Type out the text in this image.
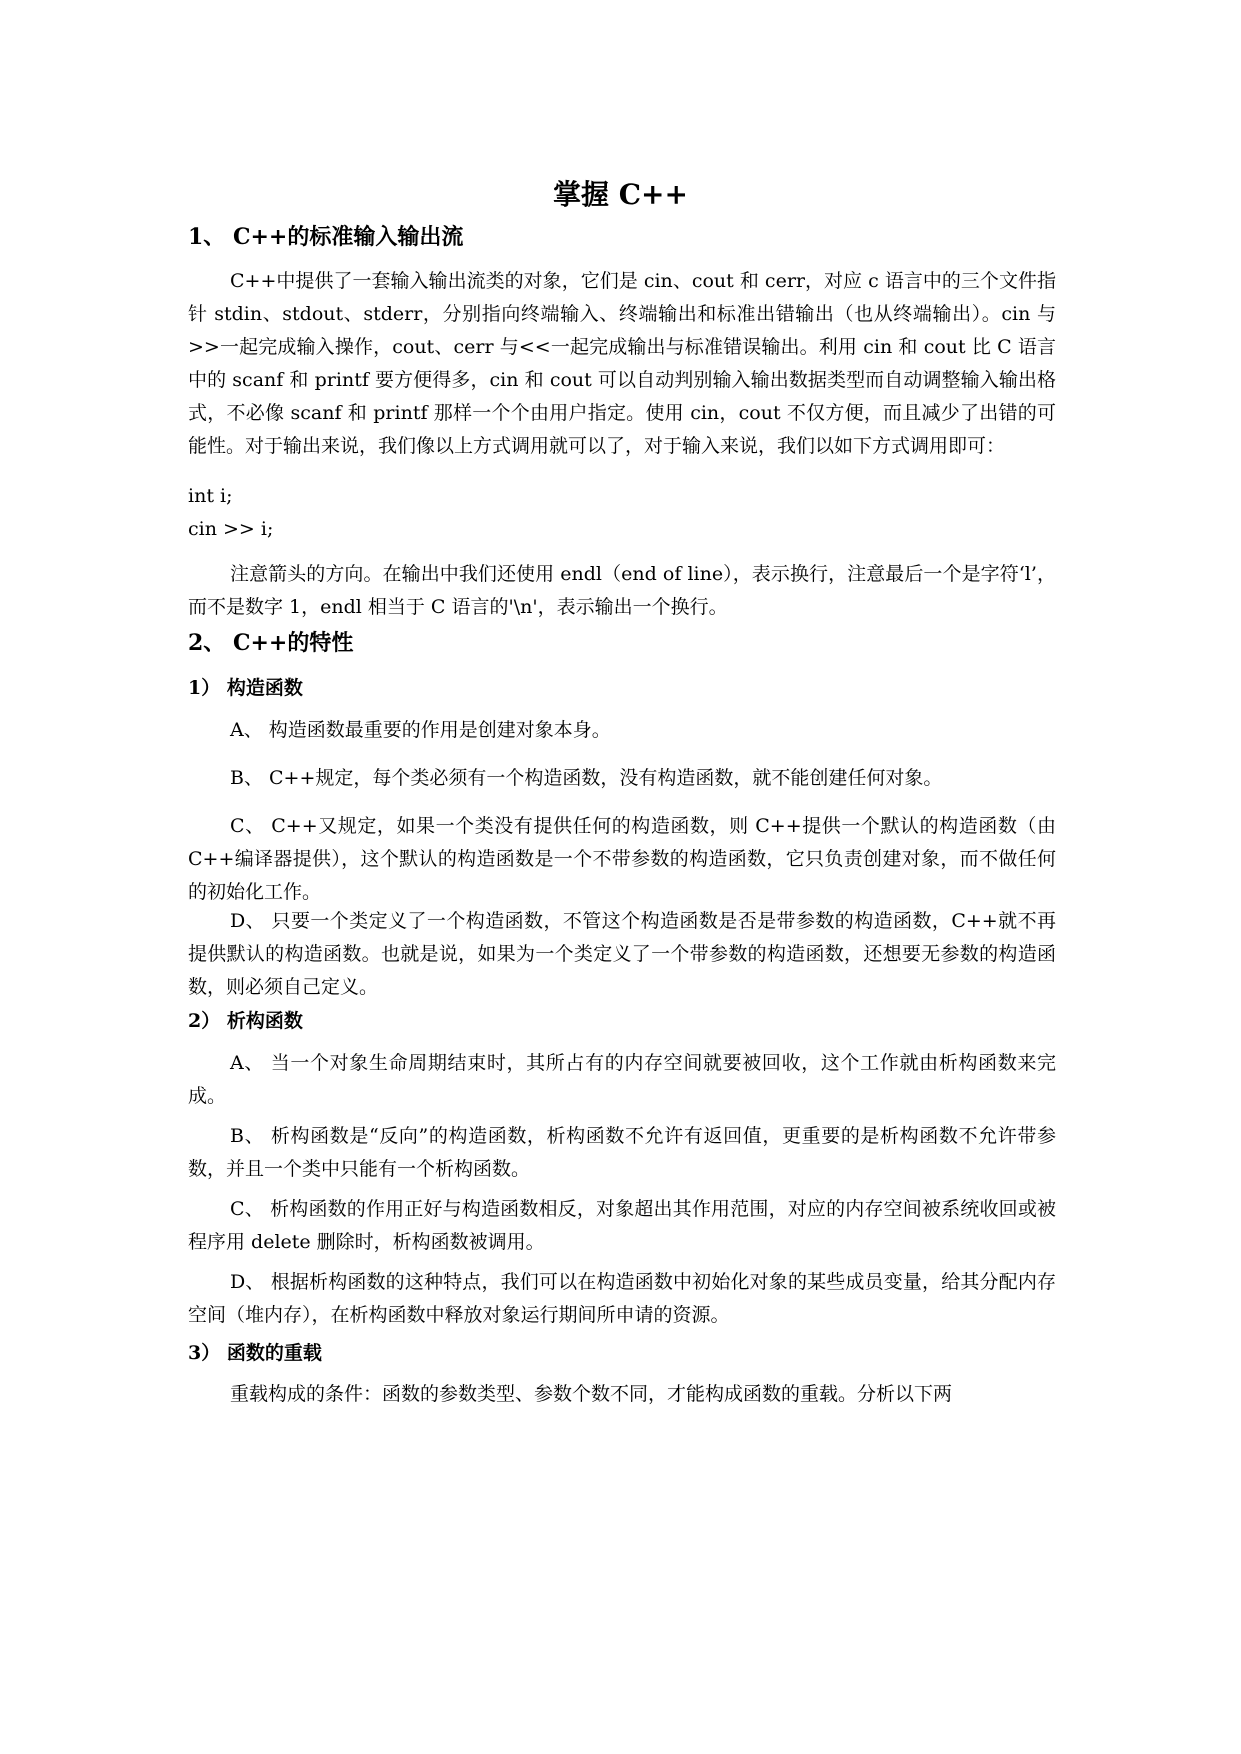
掌握 C++
1、 C++的标准输入输出流

C++中提供了一套输入输出流类的对象，它们是 cin、cout 和 cerr，对应 c 语言中的三个文件指针 stdin、stdout、stderr，分别指向终端输入、终端输出和标准出错输出（也从终端输出）。cin 与>>一起完成输入操作，cout、cerr 与<<一起完成输出与标准错误输出。利用 cin 和 cout 比 C 语言中的 scanf 和 printf 要方便得多，cin 和 cout 可以自动判别输入输出数据类型而自动调整输入输出格式，不必像 scanf 和 printf 那样一个个由用户指定。使用 cin，cout 不仅方便，而且减少了出错的可能性。对于输出来说，我们像以上方式调用就可以了，对于输入来说，我们以如下方式调用即可：

int i;
cin >> i;

注意箭头的方向。在输出中我们还使用 endl（end of line），表示换行，注意最后一个是字符‘l’，而不是数字 1，endl 相当于 C 语言的'\n'，表示输出一个换行。

2、 C++的特性
1） 构造函数

A、 构造函数最重要的作用是创建对象本身。

B、 C++规定，每个类必须有一个构造函数，没有构造函数，就不能创建任何对象。

C、 C++又规定，如果一个类没有提供任何的构造函数，则 C++提供一个默认的构造函数（由 C++编译器提供），这个默认的构造函数是一个不带参数的构造函数，它只负责创建对象，而不做任何的初始化工作。

D、 只要一个类定义了一个构造函数，不管这个构造函数是否是带参数的构造函数，C++就不再提供默认的构造函数。也就是说，如果为一个类定义了一个带参数的构造函数，还想要无参数的构造函数，则必须自己定义。

2） 析构函数

A、 当一个对象生命周期结束时，其所占有的内存空间就要被回收，这个工作就由析构函数来完成。

B、 析构函数是“反向”的构造函数，析构函数不允许有返回值，更重要的是析构函数不允许带参数，并且一个类中只能有一个析构函数。

C、 析构函数的作用正好与构造函数相反，对象超出其作用范围，对应的内存空间被系统收回或被程序用 delete 删除时，析构函数被调用。

D、 根据析构函数的这种特点，我们可以在构造函数中初始化对象的某些成员变量，给其分配内存空间（堆内存），在析构函数中释放对象运行期间所申请的资源。

3） 函数的重载

重载构成的条件：函数的参数类型、参数个数不同，才能构成函数的重载。分析以下两
